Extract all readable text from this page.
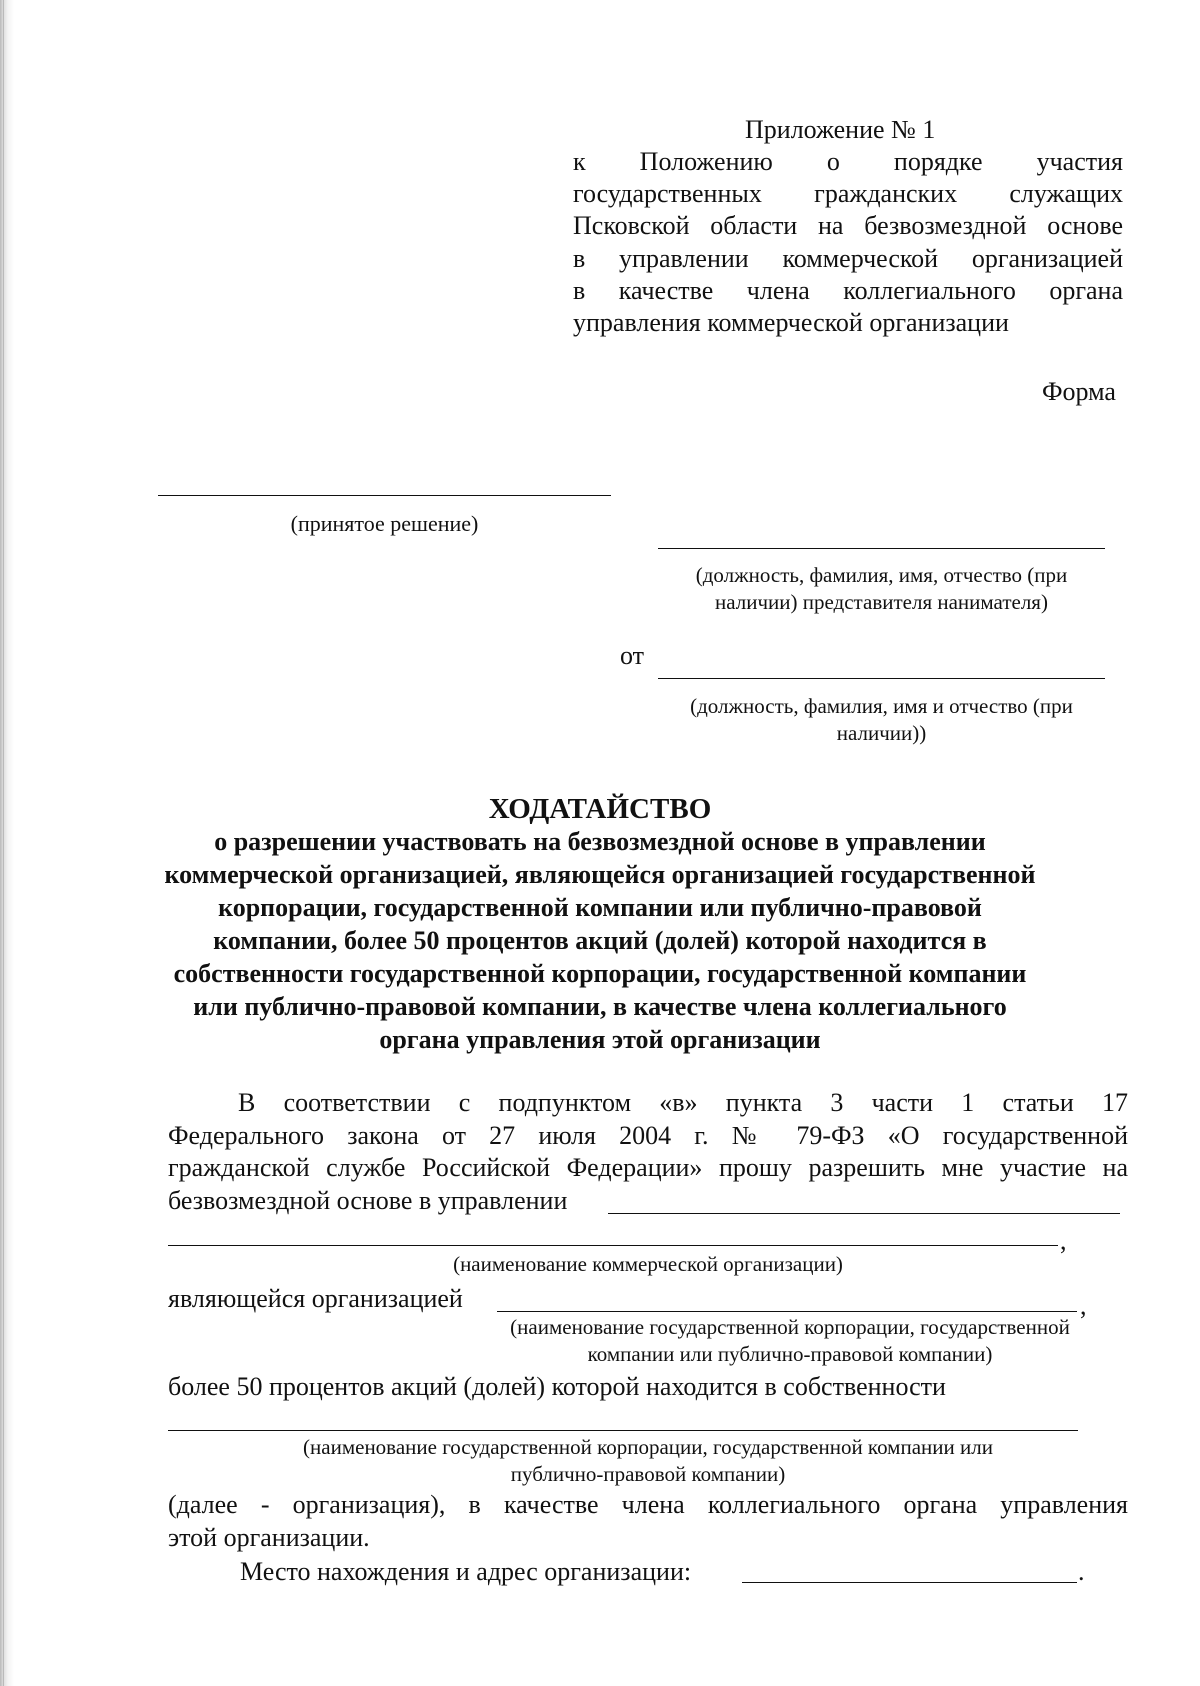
Приложение № 1
к Положению о порядке участия
государственных гражданских служащих
Псковской области на безвозмездной основе
в управлении коммерческой организацией
в качестве члена коллегиального органа
управления коммерческой организации
Форма
(принятое решение)
(должность, фамилия, имя, отчество (при
наличии) представителя нанимателя)
от
(должность, фамилия, имя и отчество (при
наличии))
ХОДАТАЙСТВО
о разрешении участвовать на безвозмездной основе в управлении
коммерческой организацией, являющейся организацией государственной
корпорации, государственной компании или публично-правовой
компании, более 50 процентов акций (долей) которой находится в
собственности государственной корпорации, государственной компании
или публично-правовой компании, в качестве члена коллегиального
органа управления этой организации
В соответствии с подпунктом «в» пункта 3 части 1 статьи 17
Федерального закона от 27 июля 2004 г. № 79-ФЗ «О государственной
гражданской службе Российской Федерации» прошу разрешить мне участие на
безвозмездной основе в управлении
,
(наименование коммерческой организации)
являющейся организацией	,
(наименование государственной корпорации, государственной
компании или публично-правовой компании)
более 50 процентов акций (долей) которой находится в собственности
(наименование государственной корпорации, государственной компании или
публично-правовой компании)
(далее - организация), в качестве члена коллегиального органа управления
этой организации.
Место нахождения и адрес организации:	.
